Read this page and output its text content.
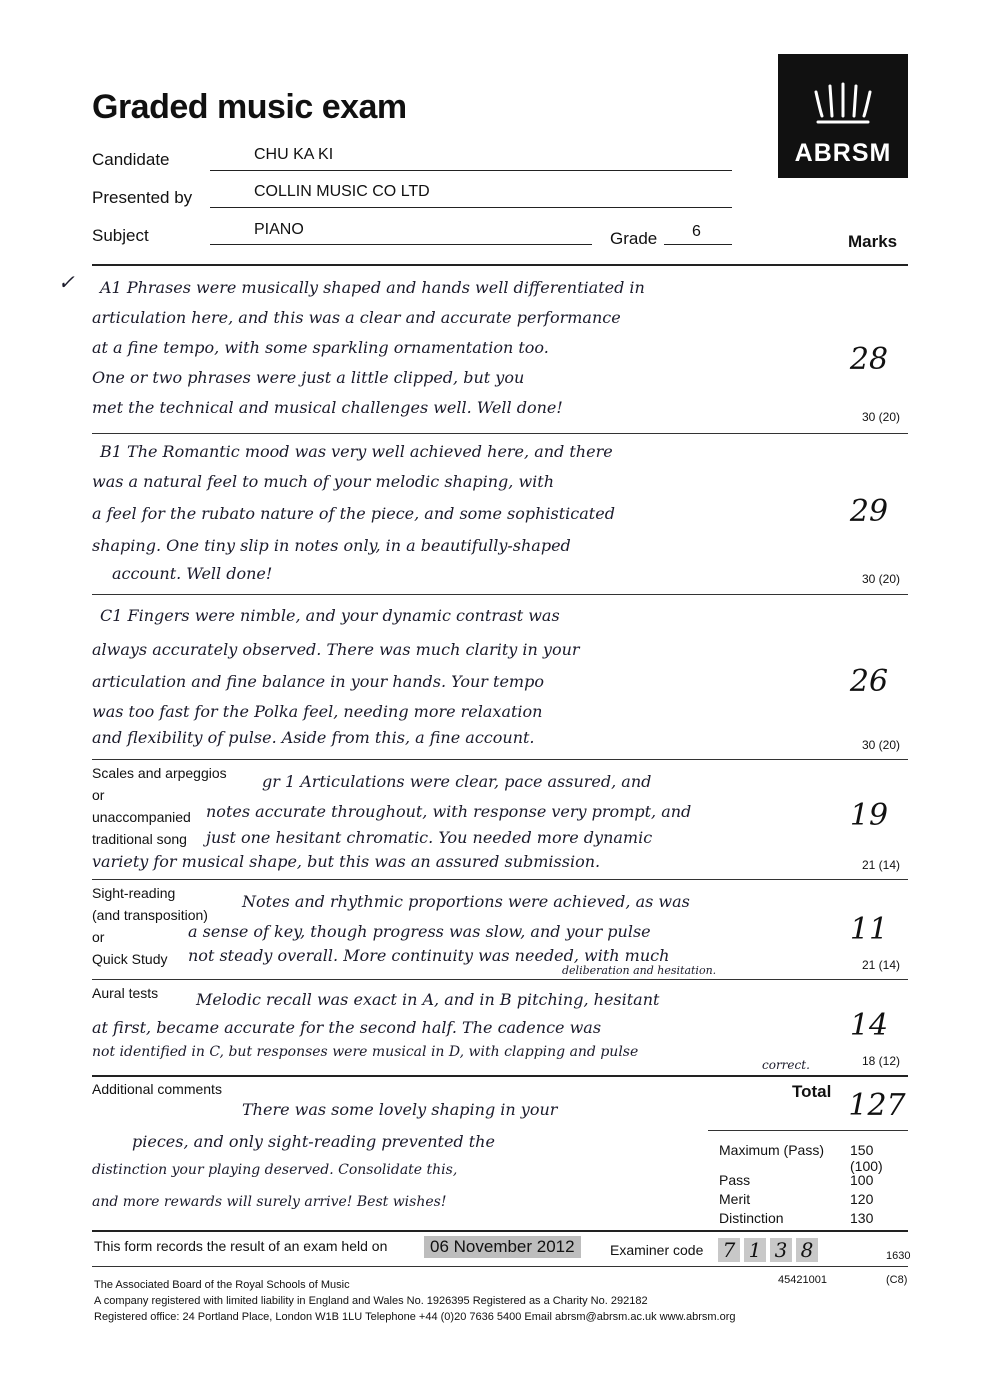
Graded music exam
ABRSM
Candidate	CHU KA KI
Presented by	COLLIN MUSIC CO LTD
Subject	PIANO	Grade 6
Marks
✓ A1 Phrases were musically shaped and hands well differentiated in
articulation here, and this was a clear and accurate performance
at a fine tempo, with some sparkling ornamentation too.
One or two phrases were just a little clipped, but you
met the technical and musical challenges well. Well done!
28
30 (20)
B1 The Romantic mood was very well achieved here, and there
was a natural feel to much of your melodic shaping, with
a feel for the rubato nature of the piece, and some sophisticated
shaping. One tiny slip in notes only, in a beautifully-shaped
account. Well done!
29
30 (20)
C1 Fingers were nimble, and your dynamic contrast was
always accurately observed. There was much clarity in your
articulation and fine balance in your hands. Your tempo
was too fast for the Polka feel, needing more relaxation
and flexibility of pulse. Aside from this, a fine account.
26
30 (20)
Scales and arpeggios
or
unaccompanied
traditional song
gr 1 Articulations were clear, pace assured, and
notes accurate throughout, with response very prompt, and
just one hesitant chromatic. You needed more dynamic
variety for musical shape, but this was an assured submission.
19
21 (14)
Sight-reading
(and transposition)
or
Quick Study
Notes and rhythmic proportions were achieved, as was
a sense of key, though progress was slow, and your pulse
not steady overall. More continuity was needed, with much
deliberation and hesitation.
11
21 (14)
Aural tests Melodic recall was exact in A, and in B pitching, hesitant
at first, became accurate for the second half. The cadence was
not identified in C, but responses were musical in D, with clapping and pulse
correct.
14
18 (12)
Additional comments
There was some lovely shaping in your
pieces, and only sight-reading prevented the
distinction your playing deserved. Consolidate this,
and more rewards will surely arrive! Best wishes!
Total 127
Maximum (Pass) 150 (100)
Pass	100
Merit	120
Distinction	130
This form records the result of an exam held on	06 November 2012	Examiner code 7 1 3 8	1630
The Associated Board of the Royal Schools of Music
A company registered with limited liability in England and Wales No. 1926395 Registered as a Charity No. 292182
Registered office: 24 Portland Place, London W1B 1LU Telephone +44 (0)20 7636 5400 Email abrsm@abrsm.ac.uk www.abrsm.org
45421001	(C8)
